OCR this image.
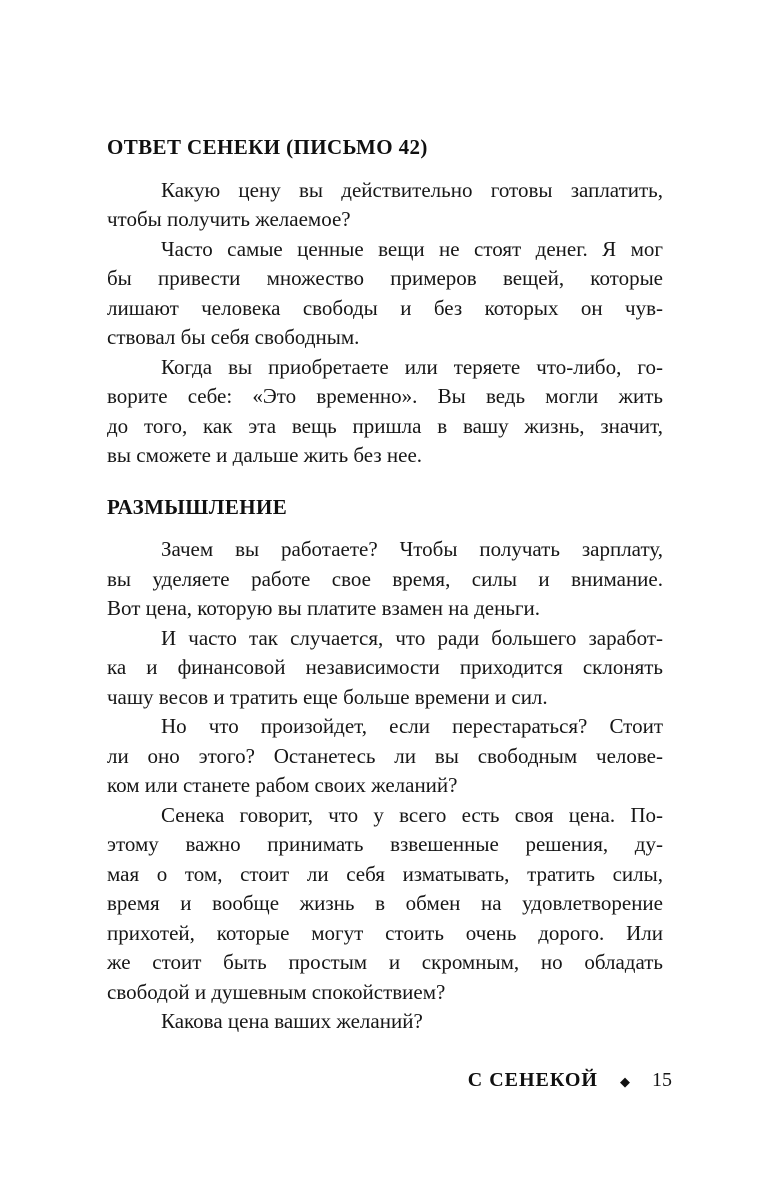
ОТВЕТ СЕНЕКИ (ПИСЬМО 42)

Какую цену вы действительно готовы заплатить,
чтобы получить желаемое?

Часто самые ценные вещи не стоят денег. Я мог
бы привести множество примеров вещей, которые
лишают человека свободы и без которых он чув-
ствовал бы себя свободным.

Когда вы приобретаете или теряете что-либо, го-
ворите себе: «Это временно». Вы ведь могли жить
до того, как эта вещь пришла в вашу жизнь, значит,
вы сможете и дальше жить без нее.

РАЗМЫШЛЕНИЕ

Зачем вы работаете? Чтобы получать зарплату,
вы уделяете работе свое время, силы и внимание.
Вот цена, которую вы платите взамен на деньги.

И часто так случается, что ради большего заработ-
ка и финансовой независимости приходится склонять
чашу весов и тратить еще больше времени и сил.

Но что произойдет, если перестараться? Стоит
ли оно этого? Останетесь ли вы свободным челове-
ком или станете рабом своих желаний?

Сенека говорит, что у всего есть своя цена. По-
этому важно принимать взвешенные решения, ду-
мая о том, стоит ли себя изматывать, тратить силы,
время и вообще жизнь в обмен на удовлетворение
прихотей, которые могут стоить очень дорого. Или
же стоит быть простым и скромным, но обладать
свободой и душевным спокойствием?

Какова цена ваших желаний?

С СЕНЕКОЙ ◆ 15
